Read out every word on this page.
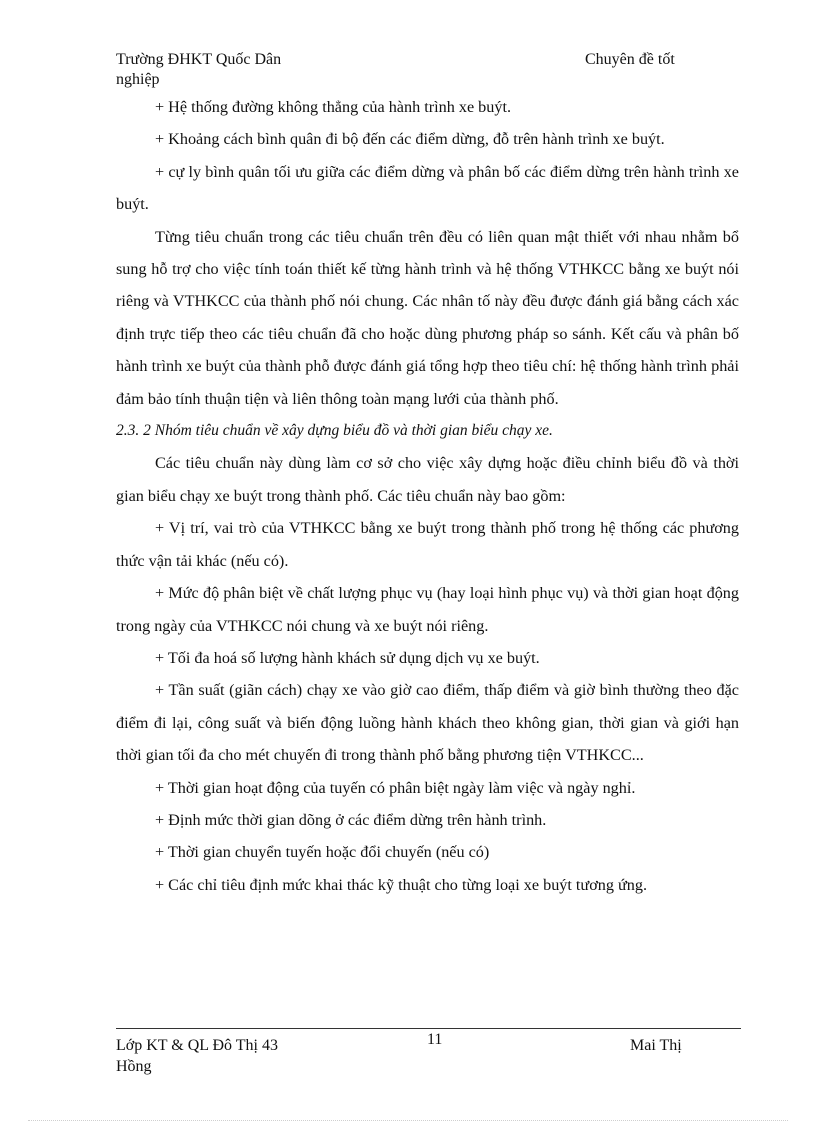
Trường ĐHKT Quốc Dân
nghiệp
Chuyên đề tốt

+ Hệ thống đường không thẳng của hành trình xe buýt.

+ Khoảng cách bình quân đi bộ đến các điểm dừng, đỗ trên hành trình xe buýt.

+ cự ly bình quân tối ưu giữa các điểm dừng và phân bố các điểm dừng trên hành trình xe buýt.

Từng tiêu chuẩn trong các tiêu chuẩn trên đều có liên quan mật thiết với nhau nhằm bổ sung hỗ trợ cho việc tính toán thiết kế từng hành trình và hệ thống VTHKCC bằng xe buýt nói riêng và VTHKCC của thành phố nói chung. Các nhân tố này đều được đánh giá bằng cách xác định trực tiếp theo các tiêu chuẩn đã cho hoặc dùng phương pháp so sánh. Kết cấu và phân bố hành trình xe buýt của thành phỗ được đánh giá tổng hợp theo tiêu chí: hệ thống hành trình phải đảm bảo tính thuận tiện và liên thông toàn mạng lưới của thành phố.

2.3. 2 Nhóm tiêu chuẩn về xây dựng biểu đồ và thời gian biểu chạy xe.

Các tiêu chuẩn này dùng làm cơ sở cho việc xây dựng hoặc điều chỉnh biểu đồ và thời gian biểu chạy xe buýt trong thành phố. Các tiêu chuẩn này bao gồm:

+ Vị trí, vai trò của VTHKCC bằng xe buýt trong thành phố trong hệ thống các phương thức vận tải khác (nếu có).

+ Mức độ phân biệt về chất lượng phục vụ (hay loại hình phục vụ) và thời gian hoạt động trong ngày của VTHKCC nói chung và xe buýt nói riêng.

+ Tối đa hoá số lượng hành khách sử dụng dịch vụ xe buýt.

+ Tần suất (giãn cách) chạy xe vào giờ cao điểm, thấp điểm và giờ bình thường theo đặc điểm đi lại, công suất và biến động luồng hành khách theo không gian, thời gian và giới hạn thời gian tối đa cho mét chuyến đi trong thành phố bằng phương tiện VTHKCC...

+ Thời gian hoạt động của tuyến có phân biệt ngày làm việc và ngày nghỉ.

+ Định mức thời gian dõng ở các điểm dừng trên hành trình.

+ Thời gian chuyển tuyến hoặc đổi chuyến (nếu có)

+ Các chỉ tiêu định mức khai thác kỹ thuật cho từng loại xe buýt tương ứng.

Lớp KT & QL Đô Thị 43
Hồng
11	Mai Thị
